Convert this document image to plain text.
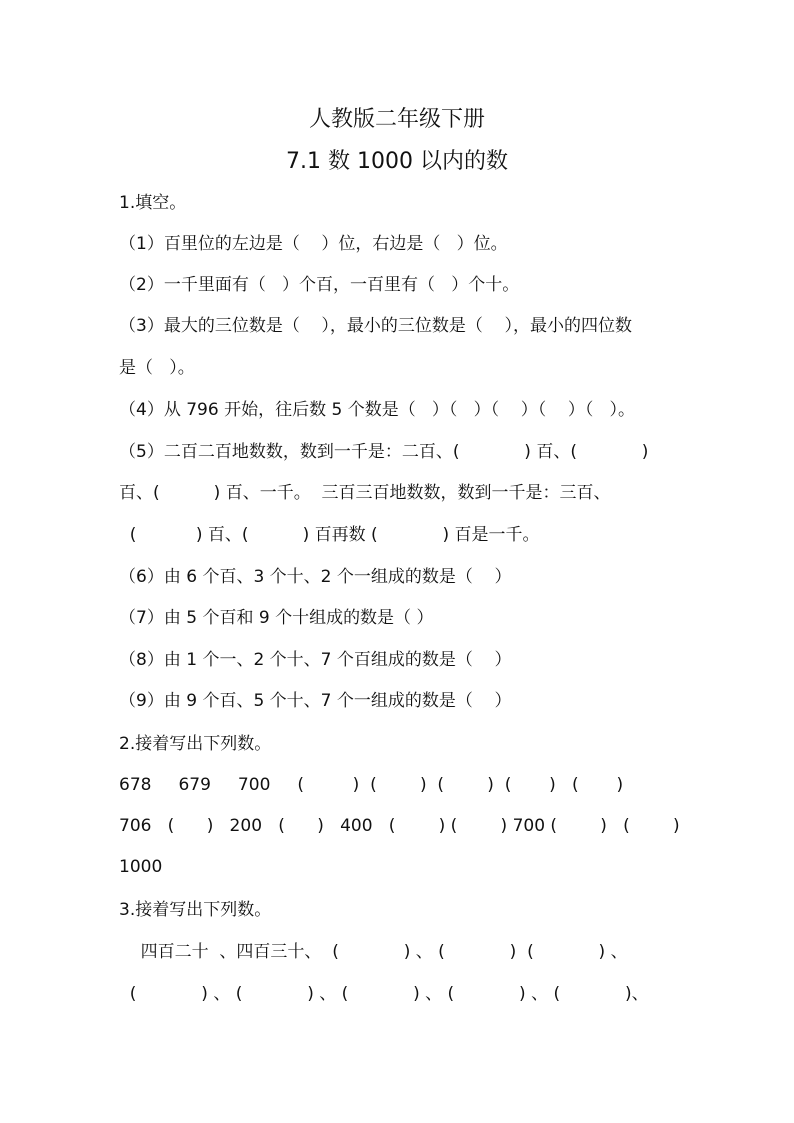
人教版二年级下册
7.1 数 1000 以内的数
1.填空。
（1）百里位的左边是（    ）位，右边是（   ）位。
（2）一千里面有（   ）个百，一百里有（   ）个十。
（3）最大的三位数是（    ），最小的三位数是（    ），最小的四位数
是（   ）。
（4）从 796 开始，往后数 5 个数是（   ）（   ）（    ）（    ）（   ）。
（5）二百二百地数数，数到一千是：二百、(            ) 百、(            )
百、(          ) 百、一千。  三百三百地数数，数到一千是：三百、
(           ) 百、(          ) 百再数 (            ) 百是一千。
（6）由 6 个百、3 个十、2 个一组成的数是（    ）
（7）由 5 个百和 9 个十组成的数是（ ）
（8）由 1 个一、2 个十、7 个百组成的数是（    ）
（9）由 9 个百、5 个十、7 个一组成的数是（    ）
2.接着写出下列数。
678     679     700     (         )  (        )  (        )  (       )   (       )
706   (      )   200   (      )   400   (        ) (        ) 700 (        )   (        )
1000
3.接着写出下列数。
四百二十  、四百三十、  (            ) 、 (            )  (            ) 、
(            ) 、 (            ) 、 (            ) 、 (            ) 、 (            )、
